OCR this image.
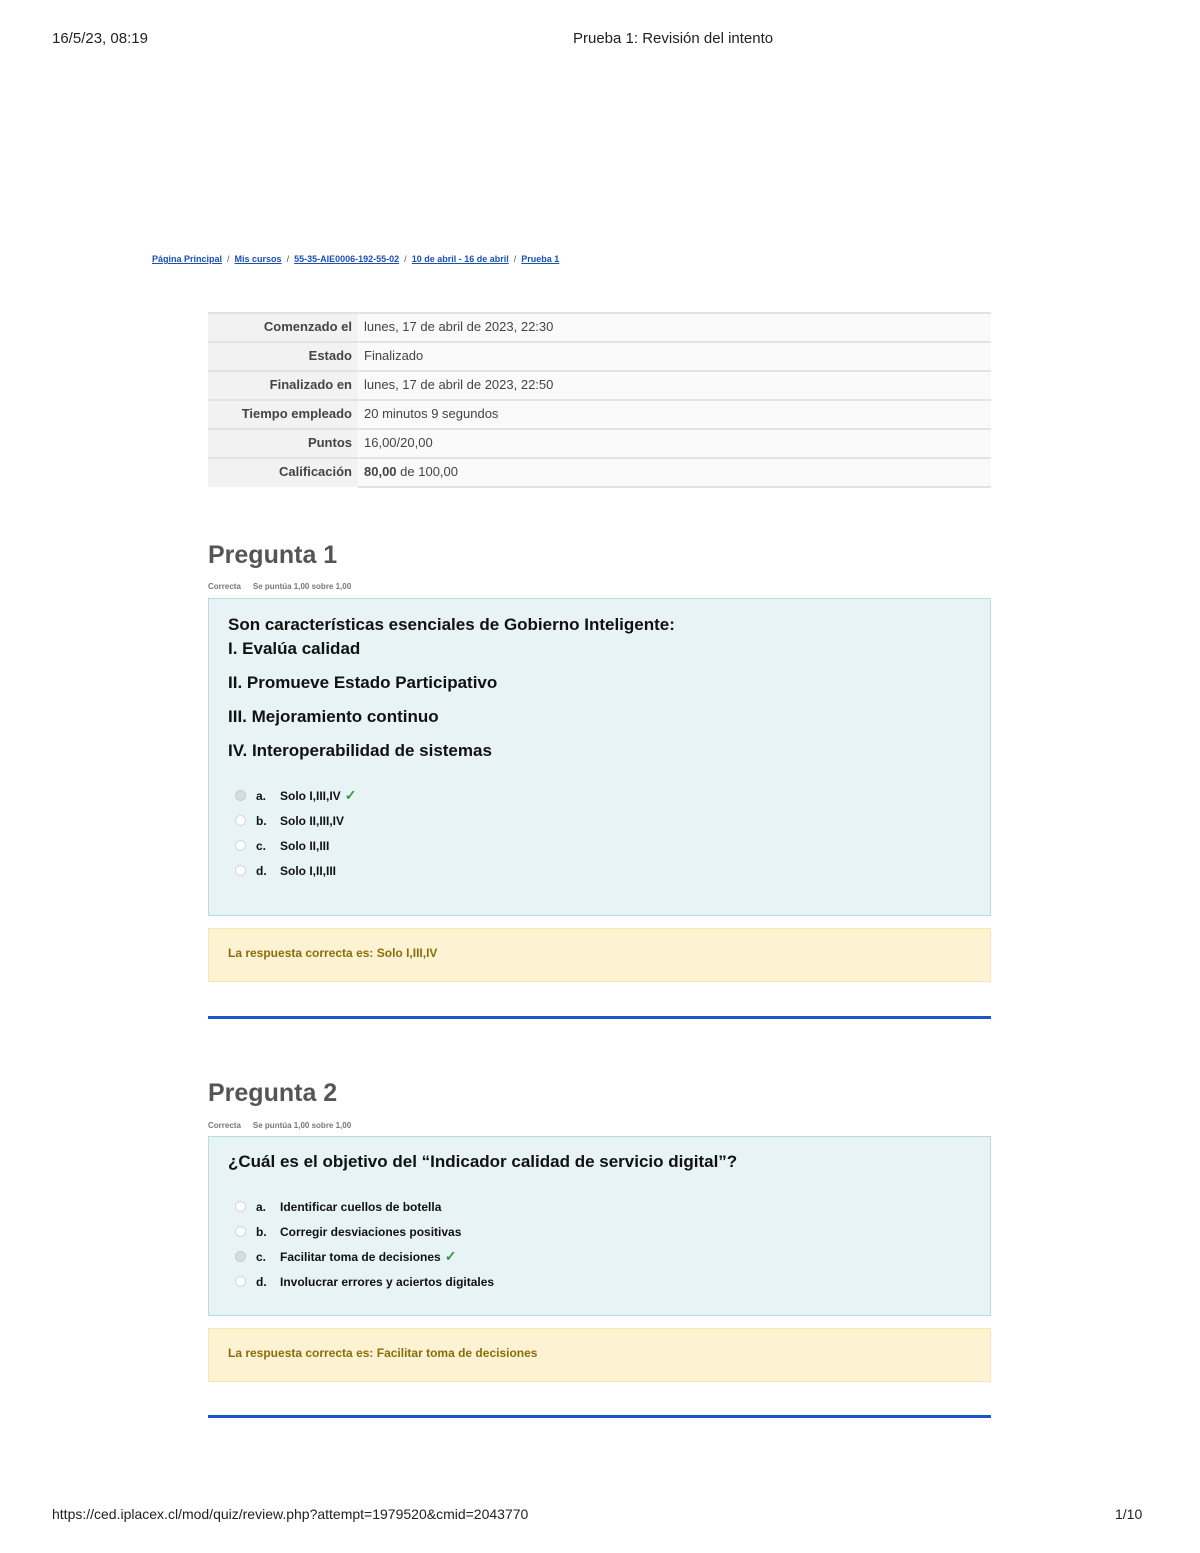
16/5/23, 08:19	Prueba 1: Revisión del intento
Página Principal / Mis cursos / 55-35-AIE0006-192-55-02 / 10 de abril - 16 de abril / Prueba 1
Comenzado el	lunes, 17 de abril de 2023, 22:30
Estado	Finalizado
Finalizado en	lunes, 17 de abril de 2023, 22:50
Tiempo empleado	20 minutos 9 segundos
Puntos	16,00/20,00
Calificación	80,00 de 100,00
Pregunta 1
Correcta Se puntúa 1,00 sobre 1,00
Son características esenciales de Gobierno Inteligente:
I. Evalúa calidad
II. Promueve Estado Participativo
III. Mejoramiento continuo
IV. Interoperabilidad de sistemas
a.	Solo I,III,IV ✓
b.	Solo II,III,IV
c.	Solo II,III
d.	Solo I,II,III
La respuesta correcta es: Solo I,III,IV
Pregunta 2
Correcta Se puntúa 1,00 sobre 1,00
¿Cuál es el objetivo del “Indicador calidad de servicio digital”?
a.	Identificar cuellos de botella
b.	Corregir desviaciones positivas
c.	Facilitar toma de decisiones ✓
d.	Involucrar errores y aciertos digitales
La respuesta correcta es: Facilitar toma de decisiones
https://ced.iplacex.cl/mod/quiz/review.php?attempt=1979520&cmid=2043770	1/10
